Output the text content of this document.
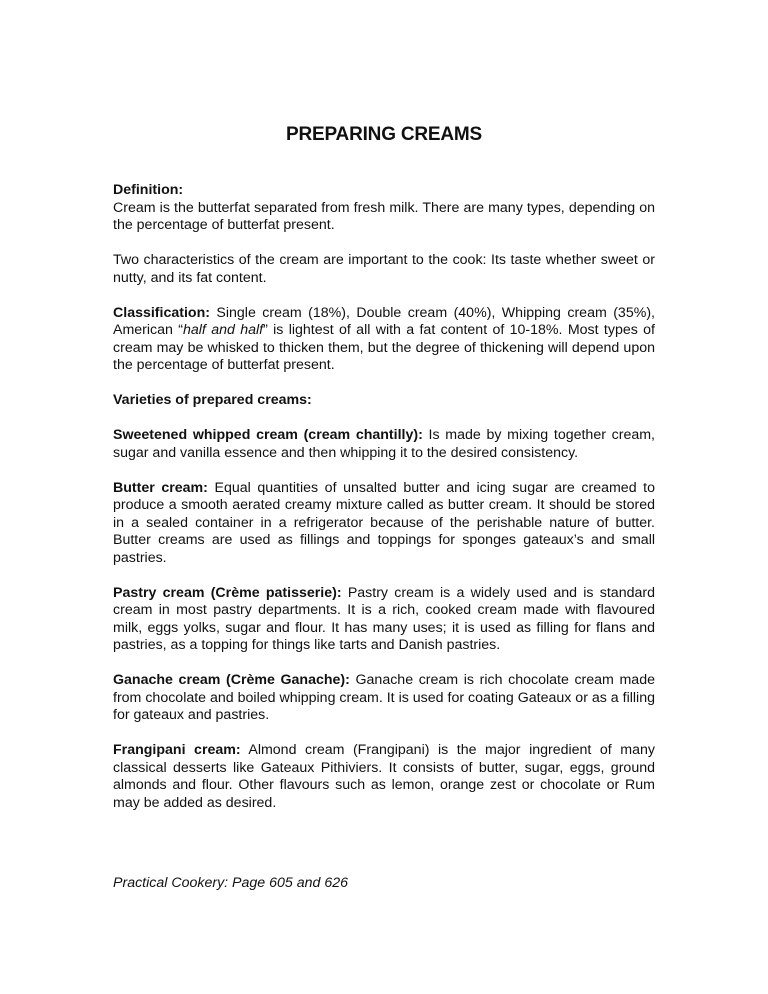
PREPARING CREAMS

Definition:
Cream is the butterfat separated from fresh milk. There are many types, depending on the percentage of butterfat present.

Two characteristics of the cream are important to the cook: Its taste whether sweet or nutty, and its fat content.

Classification: Single cream (18%), Double cream (40%), Whipping cream (35%), American “half and half” is lightest of all with a fat content of 10-18%. Most types of cream may be whisked to thicken them, but the degree of thickening will depend upon the percentage of butterfat present.

Varieties of prepared creams:

Sweetened whipped cream (cream chantilly): Is made by mixing together cream, sugar and vanilla essence and then whipping it to the desired consistency.

Butter cream: Equal quantities of unsalted butter and icing sugar are creamed to produce a smooth aerated creamy mixture called as butter cream. It should be stored in a sealed container in a refrigerator because of the perishable nature of butter. Butter creams are used as fillings and toppings for sponges gateaux’s and small pastries.

Pastry cream (Crème patisserie): Pastry cream is a widely used and is standard cream in most pastry departments. It is a rich, cooked cream made with flavoured milk, eggs yolks, sugar and flour. It has many uses; it is used as filling for flans and pastries, as a topping for things like tarts and Danish pastries.

Ganache cream (Crème Ganache): Ganache cream is rich chocolate cream made from chocolate and boiled whipping cream. It is used for coating Gateaux or as a filling for gateaux and pastries.

Frangipani cream: Almond cream (Frangipani) is the major ingredient of many classical desserts like Gateaux Pithiviers. It consists of butter, sugar, eggs, ground almonds and flour. Other flavours such as lemon, orange zest or chocolate or Rum may be added as desired.

Practical Cookery: Page 605 and 626
